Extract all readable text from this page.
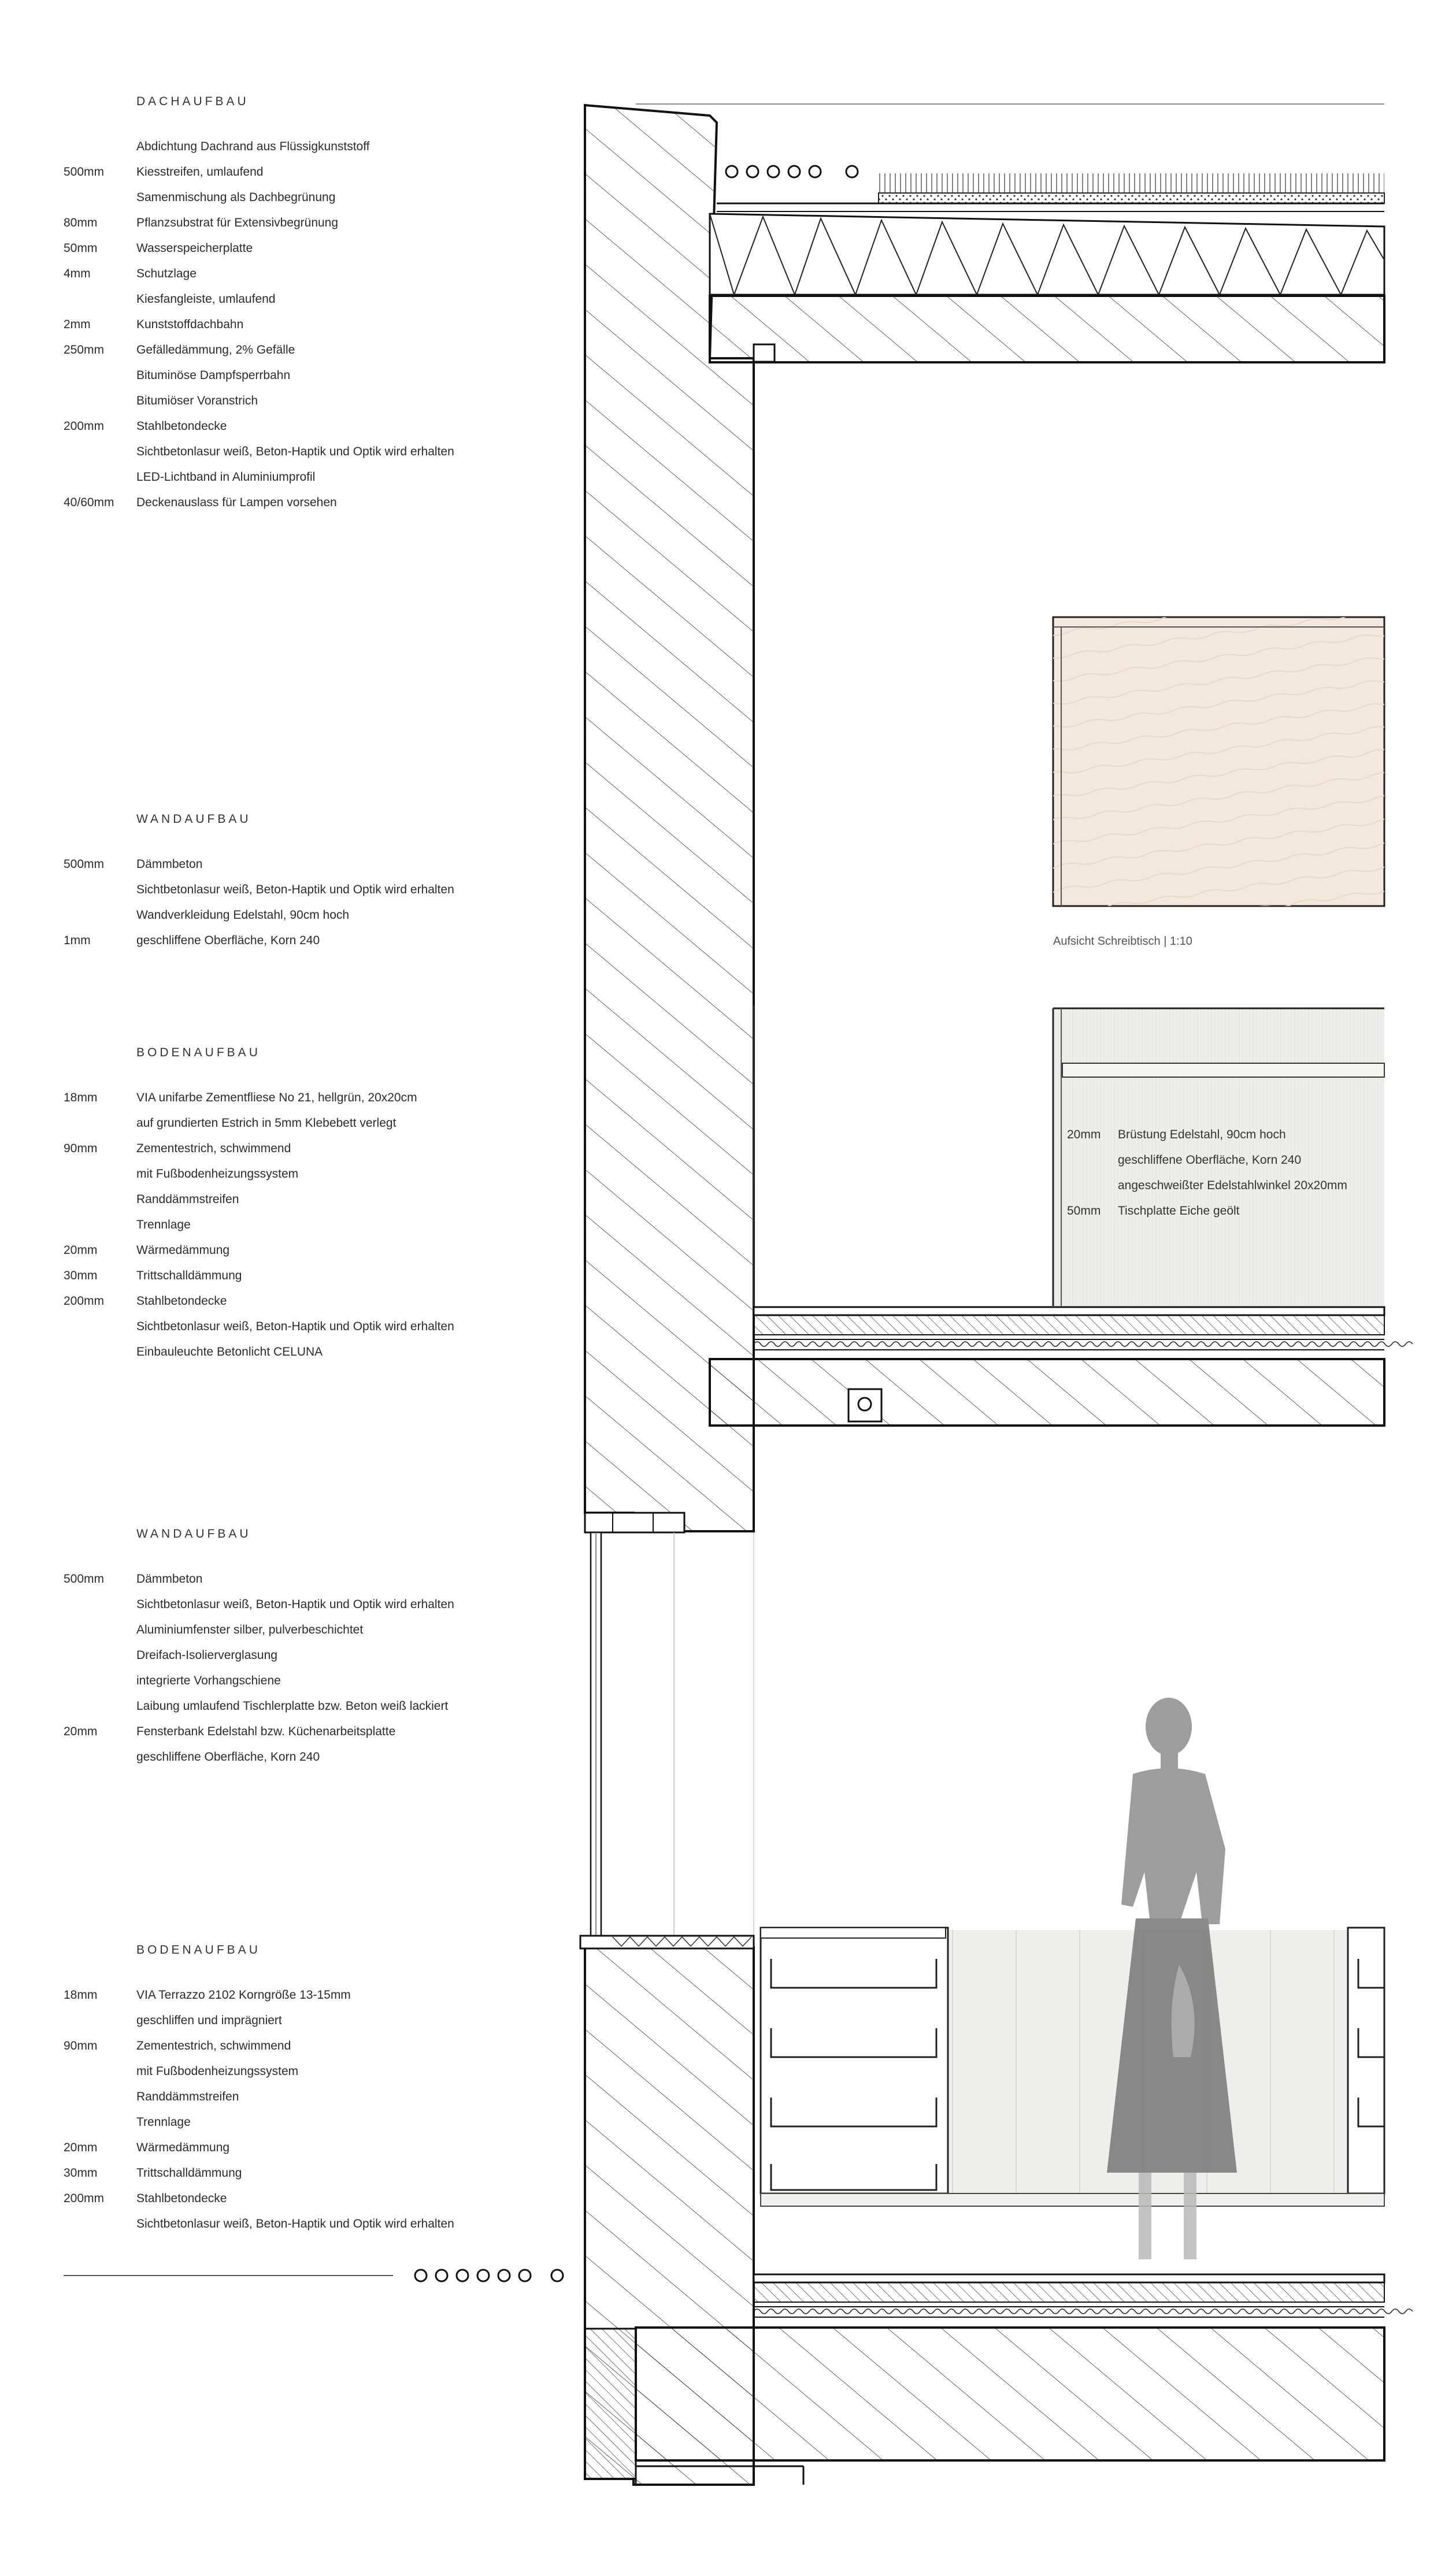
DACHAUFBAU
Abdichtung Dachrand aus Flüssigkunststoff
500mm	Kiesstreifen, umlaufend
Samenmischung als Dachbegrünung
80mm	Pflanzsubstrat für Extensivbegrünung
50mm	Wasserspeicherplatte
4mm	Schutzlage
Kiesfangleiste, umlaufend
2mm	Kunststoffdachbahn
250mm	Gefälledämmung, 2% Gefälle
Bituminöse Dampfsperrbahn
Bitumiöser Voranstrich
200mm	Stahlbetondecke
Sichtbetonlasur weiß, Beton-Haptik und Optik wird erhalten
LED-Lichtband in Aluminiumprofil
40/60mm	Deckenauslass für Lampen vorsehen
WANDAUFBAU
500mm	Dämmbeton
Sichtbetonlasur weiß, Beton-Haptik und Optik wird erhalten
Wandverkleidung Edelstahl, 90cm hoch
1mm	geschliffene Oberfläche, Korn 240
BODENAUFBAU
18mm	VIA unifarbe Zementfliese No 21, hellgrün, 20x20cm
auf grundierten Estrich in 5mm Klebebett verlegt
90mm	Zementestrich, schwimmend
mit Fußbodenheizungssystem
Randdämmstreifen
Trennlage
20mm	Wärmedämmung
30mm	Trittschalldämmung
200mm	Stahlbetondecke
Sichtbetonlasur weiß, Beton-Haptik und Optik wird erhalten
Einbauleuchte Betonlicht CELUNA
WANDAUFBAU
500mm	Dämmbeton
Sichtbetonlasur weiß, Beton-Haptik und Optik wird erhalten
Aluminiumfenster silber, pulverbeschichtet
Dreifach-Isolierverglasung
integrierte Vorhangschiene
Laibung umlaufend Tischlerplatte bzw. Beton weiß lackiert
20mm	Fensterbank Edelstahl bzw. Küchenarbeitsplatte
geschliffene Oberfläche, Korn 240
BODENAUFBAU
18mm	VIA Terrazzo 2102 Korngröße 13-15mm
geschliffen und imprägniert
90mm	Zementestrich, schwimmend
mit Fußbodenheizungssystem
Randdämmstreifen
Trennlage
20mm	Wärmedämmung
30mm	Trittschalldämmung
200mm	Stahlbetondecke
Sichtbetonlasur weiß, Beton-Haptik und Optik wird erhalten
Aufsicht Schreibtisch | 1:10
20mm Brüstung Edelstahl, 90cm hoch
geschliffene Oberfläche, Korn 240
angeschweißter Edelstahlwinkel 20x20mm
50mm Tischplatte Eiche geölt
